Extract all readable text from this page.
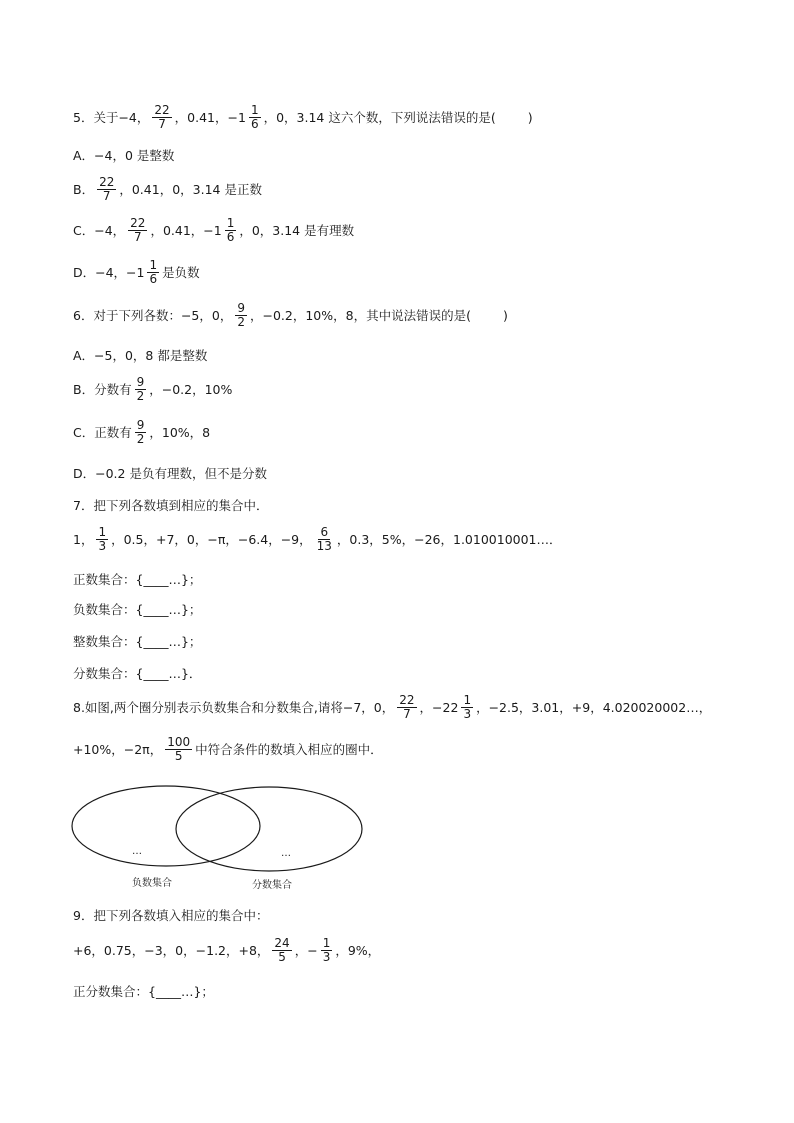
5．关于−4， $\frac{22}{7}$ ，0.41，$-1 \frac{1}{6}$ ，0，3.14 这六个数，下列说法错误的是(	)
A．−4，0 是整数
B． $\frac{22}{7}$ ，0.41，0，3.14 是正数
C．−4， $\frac{22}{7}$ ，0.41，$-1 \frac{1}{6}$ ，0，3.14 是有理数
D．−4，$-1 \frac{1}{6}$ 是负数
6．对于下列各数：−5，0， $\frac{9}{2}$ ，−0.2，10%，8，其中说法错误的是(	)
A．−5，0，8 都是整数
B．分数有 $\frac{9}{2}$ ，−0.2，10%
C．正数有 $\frac{9}{2}$ ，10%，8
D．−0.2 是负有理数，但不是分数
7．把下列各数填到相应的集合中．
1， $\frac{1}{3}$ ，0.5，+7，0，−π，−6.4，−9， $\frac{6}{13}$ ，0.3，5%，−26，1.010010001…．
正数集合：{____…}；
负数集合：{____…}；
整数集合：{____…}；
分数集合：{____…}．
8.如图,两个圈分别表示负数集合和分数集合,请将−7，0， $\frac{22}{7}$ ，$-22 \frac{1}{3}$ ，−2.5̇，3.01，+9，4.020020002…，
+10%，−2π， $\frac{100}{5}$ 中符合条件的数填入相应的圈中．
…	…
负数集合	分数集合
9．把下列各数填入相应的集合中：
+6，0.75，−3，0，−1.2，+8， $\frac{24}{5}$ ，− $\frac{1}{3}$ ，9%，
正分数集合：{____…}；
